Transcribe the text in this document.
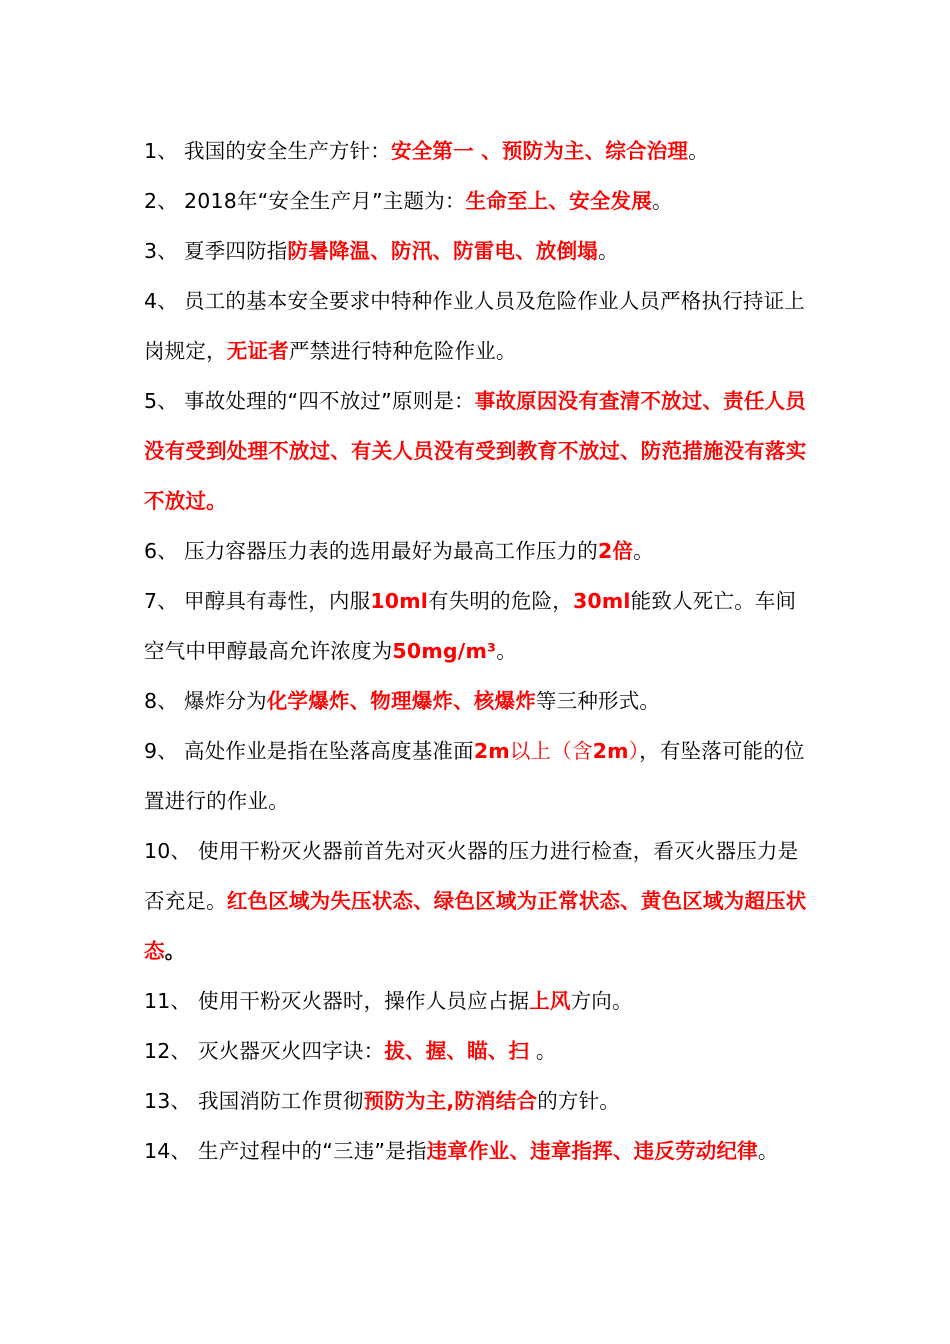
1、 我国的安全生产方针：安全第一 、预防为主、综合治理。

2、 2018年“安全生产月”主题为：生命至上、安全发展。

3、 夏季四防指防暑降温、防汛、防雷电、放倒塌。

4、 员工的基本安全要求中特种作业人员及危险作业人员严格执行持证上岗规定，无证者严禁进行特种危险作业。

5、 事故处理的“四不放过”原则是：事故原因没有查清不放过、责任人员没有受到处理不放过、有关人员没有受到教育不放过、防范措施没有落实不放过。

6、 压力容器压力表的选用最好为最高工作压力的2倍。

7、 甲醇具有毒性，内服10ml有失明的危险，30ml能致人死亡。车间空气中甲醇最高允许浓度为50mg/m³。

8、 爆炸分为化学爆炸、物理爆炸、核爆炸等三种形式。

9、 高处作业是指在坠落高度基准面2m以上（含2m），有坠落可能的位置进行的作业。

10、 使用干粉灭火器前首先对灭火器的压力进行检查，看灭火器压力是否充足。红色区域为失压状态、绿色区域为正常状态、黄色区域为超压状态。

11、 使用干粉灭火器时，操作人员应占据上风方向。

12、 灭火器灭火四字诀：拔、握、瞄、扫 。

13、 我国消防工作贯彻预防为主,防消结合的方针。

14、 生产过程中的“三违”是指违章作业、违章指挥、违反劳动纪律。
